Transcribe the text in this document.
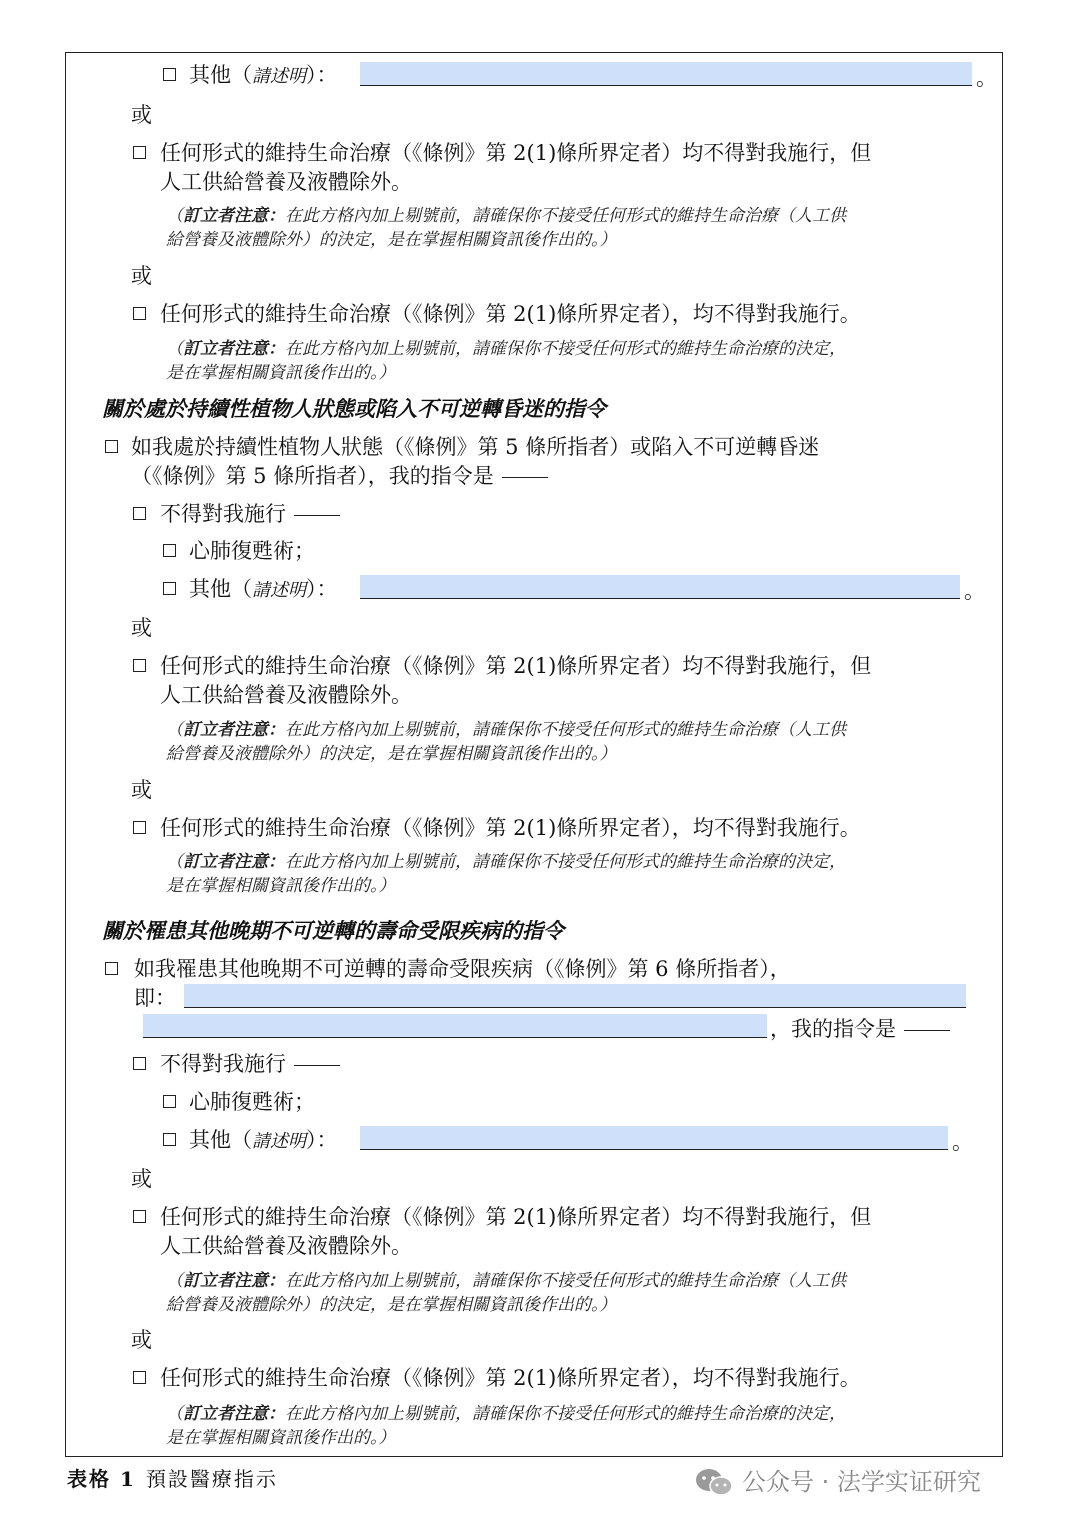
其他（請述明）：	。
或
任何形式的維持生命治療（《條例》第 2(1)條所界定者）均不得對我施行，但
人工供給營養及液體除外。
（訂立者注意：在此方格內加上剔號前，請確保你不接受任何形式的維持生命治療（人工供
給營養及液體除外）的決定，是在掌握相關資訊後作出的。）
或
任何形式的維持生命治療（《條例》第 2(1)條所界定者），均不得對我施行。
（訂立者注意：在此方格內加上剔號前，請確保你不接受任何形式的維持生命治療的決定，
是在掌握相關資訊後作出的。）
關於處於持續性植物人狀態或陷入不可逆轉昏迷的指令
如我處於持續性植物人狀態（《條例》第 5 條所指者）或陷入不可逆轉昏迷
（《條例》第 5 條所指者），我的指令是
不得對我施行
心肺復甦術；
其他（請述明）：	。
或
任何形式的維持生命治療（《條例》第 2(1)條所界定者）均不得對我施行，但
人工供給營養及液體除外。
（訂立者注意：在此方格內加上剔號前，請確保你不接受任何形式的維持生命治療（人工供
給營養及液體除外）的決定，是在掌握相關資訊後作出的。）
或
任何形式的維持生命治療（《條例》第 2(1)條所界定者），均不得對我施行。
（訂立者注意：在此方格內加上剔號前，請確保你不接受任何形式的維持生命治療的決定，
是在掌握相關資訊後作出的。）
關於罹患其他晚期不可逆轉的壽命受限疾病的指令
如我罹患其他晚期不可逆轉的壽命受限疾病（《條例》第 6 條所指者），
即：
，我的指令是
不得對我施行
心肺復甦術；
其他（請述明）：	。
或
任何形式的維持生命治療（《條例》第 2(1)條所界定者）均不得對我施行，但
人工供給營養及液體除外。
（訂立者注意：在此方格內加上剔號前，請確保你不接受任何形式的維持生命治療（人工供
給營養及液體除外）的決定，是在掌握相關資訊後作出的。）
或
任何形式的維持生命治療（《條例》第 2(1)條所界定者），均不得對我施行。
（訂立者注意：在此方格內加上剔號前，請確保你不接受任何形式的維持生命治療的決定，
是在掌握相關資訊後作出的。）
表格 1 預設醫療指示	公众号 · 法学实证研究
